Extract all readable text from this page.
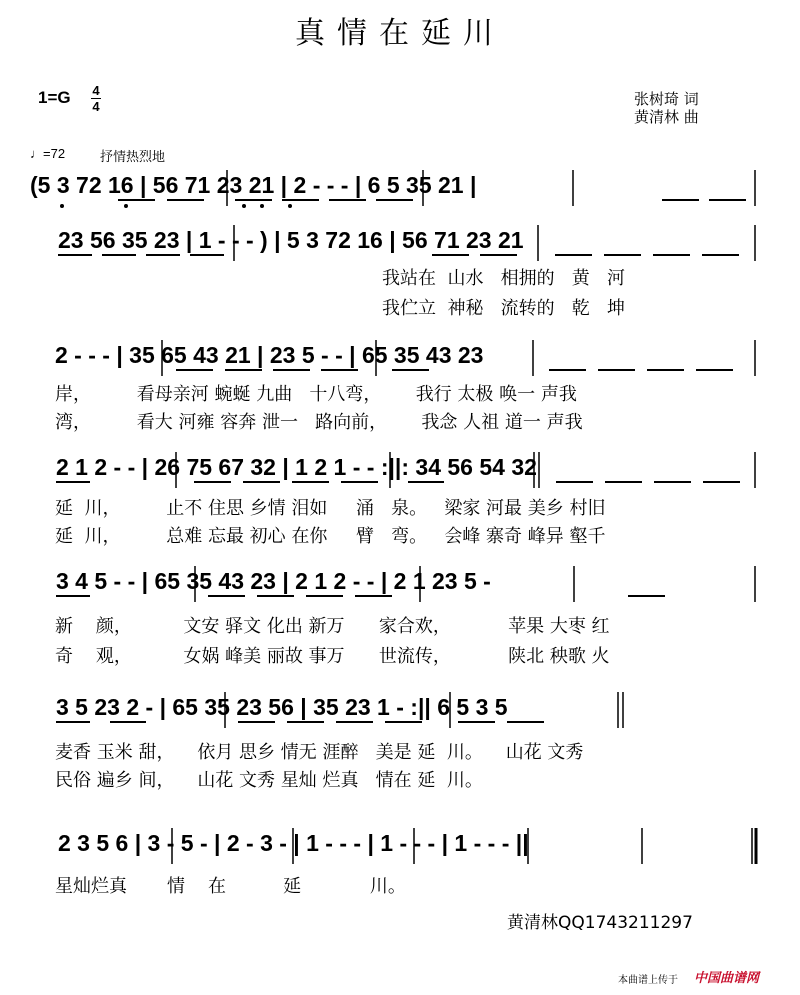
真情在延川
1=G 4
4	张树琦 词
黄清林 曲
♩=72	抒情热烈地
(5 3 72 16 | 56 71 23 21 | 2 - - - | 6 5 35 21 |
23 56 35 23 | 1 - - - ) | 5 3 72 16 | 56 71 23 21
我站在  山水   相拥的   黄   河
我伫立  神秘   流转的   乾   坤
2 - - - | 35 65 43 21 | 23 5 - - | 65 35 43 23
岸，        看母亲河 蜿蜒 九曲   十八弯，      我行 太极 唤一 声我
湾，        看大 河雍 容奔 泄一   路向前，      我念 人祖 道一 声我
2 1 2 - - | 26 75 67 32 | 1 2 1 - - :||: 34 56 54 32
延  川，        止不 住思 乡情 泪如     涌   泉。   梁家 河最 美乡 村旧
延  川，        总难 忘最 初心 在你     臂   弯。   会峰 寨奇 峰异 壑千
3 4 5 - - | 65 35 43 23 | 2 1 2 - - | 2 1 23 5 -
新    颜，         文安 驿文 化出 新万      家合欢，          苹果 大枣 红
奇    观，         女娲 峰美 丽故 事万      世流传，          陕北 秧歌 火
3 5 23 2 - | 65 35 23 56 | 35 23 1 - :|| 6 5 3 5
麦香 玉米 甜，    依月 思乡 情无 涯醉   美是 延  川。    山花 文秀
民俗 遍乡 间，    山花 文秀 星灿 烂真   情在 延  川。
2 3 5 6 | 3 - 5 - | 2 - 3 - | 1 - - - | 1 - - - | 1 - - - ||
星灿烂真       情    在          延            川。
黄清林QQ1743211297
本曲谱上传于 中国曲谱网
